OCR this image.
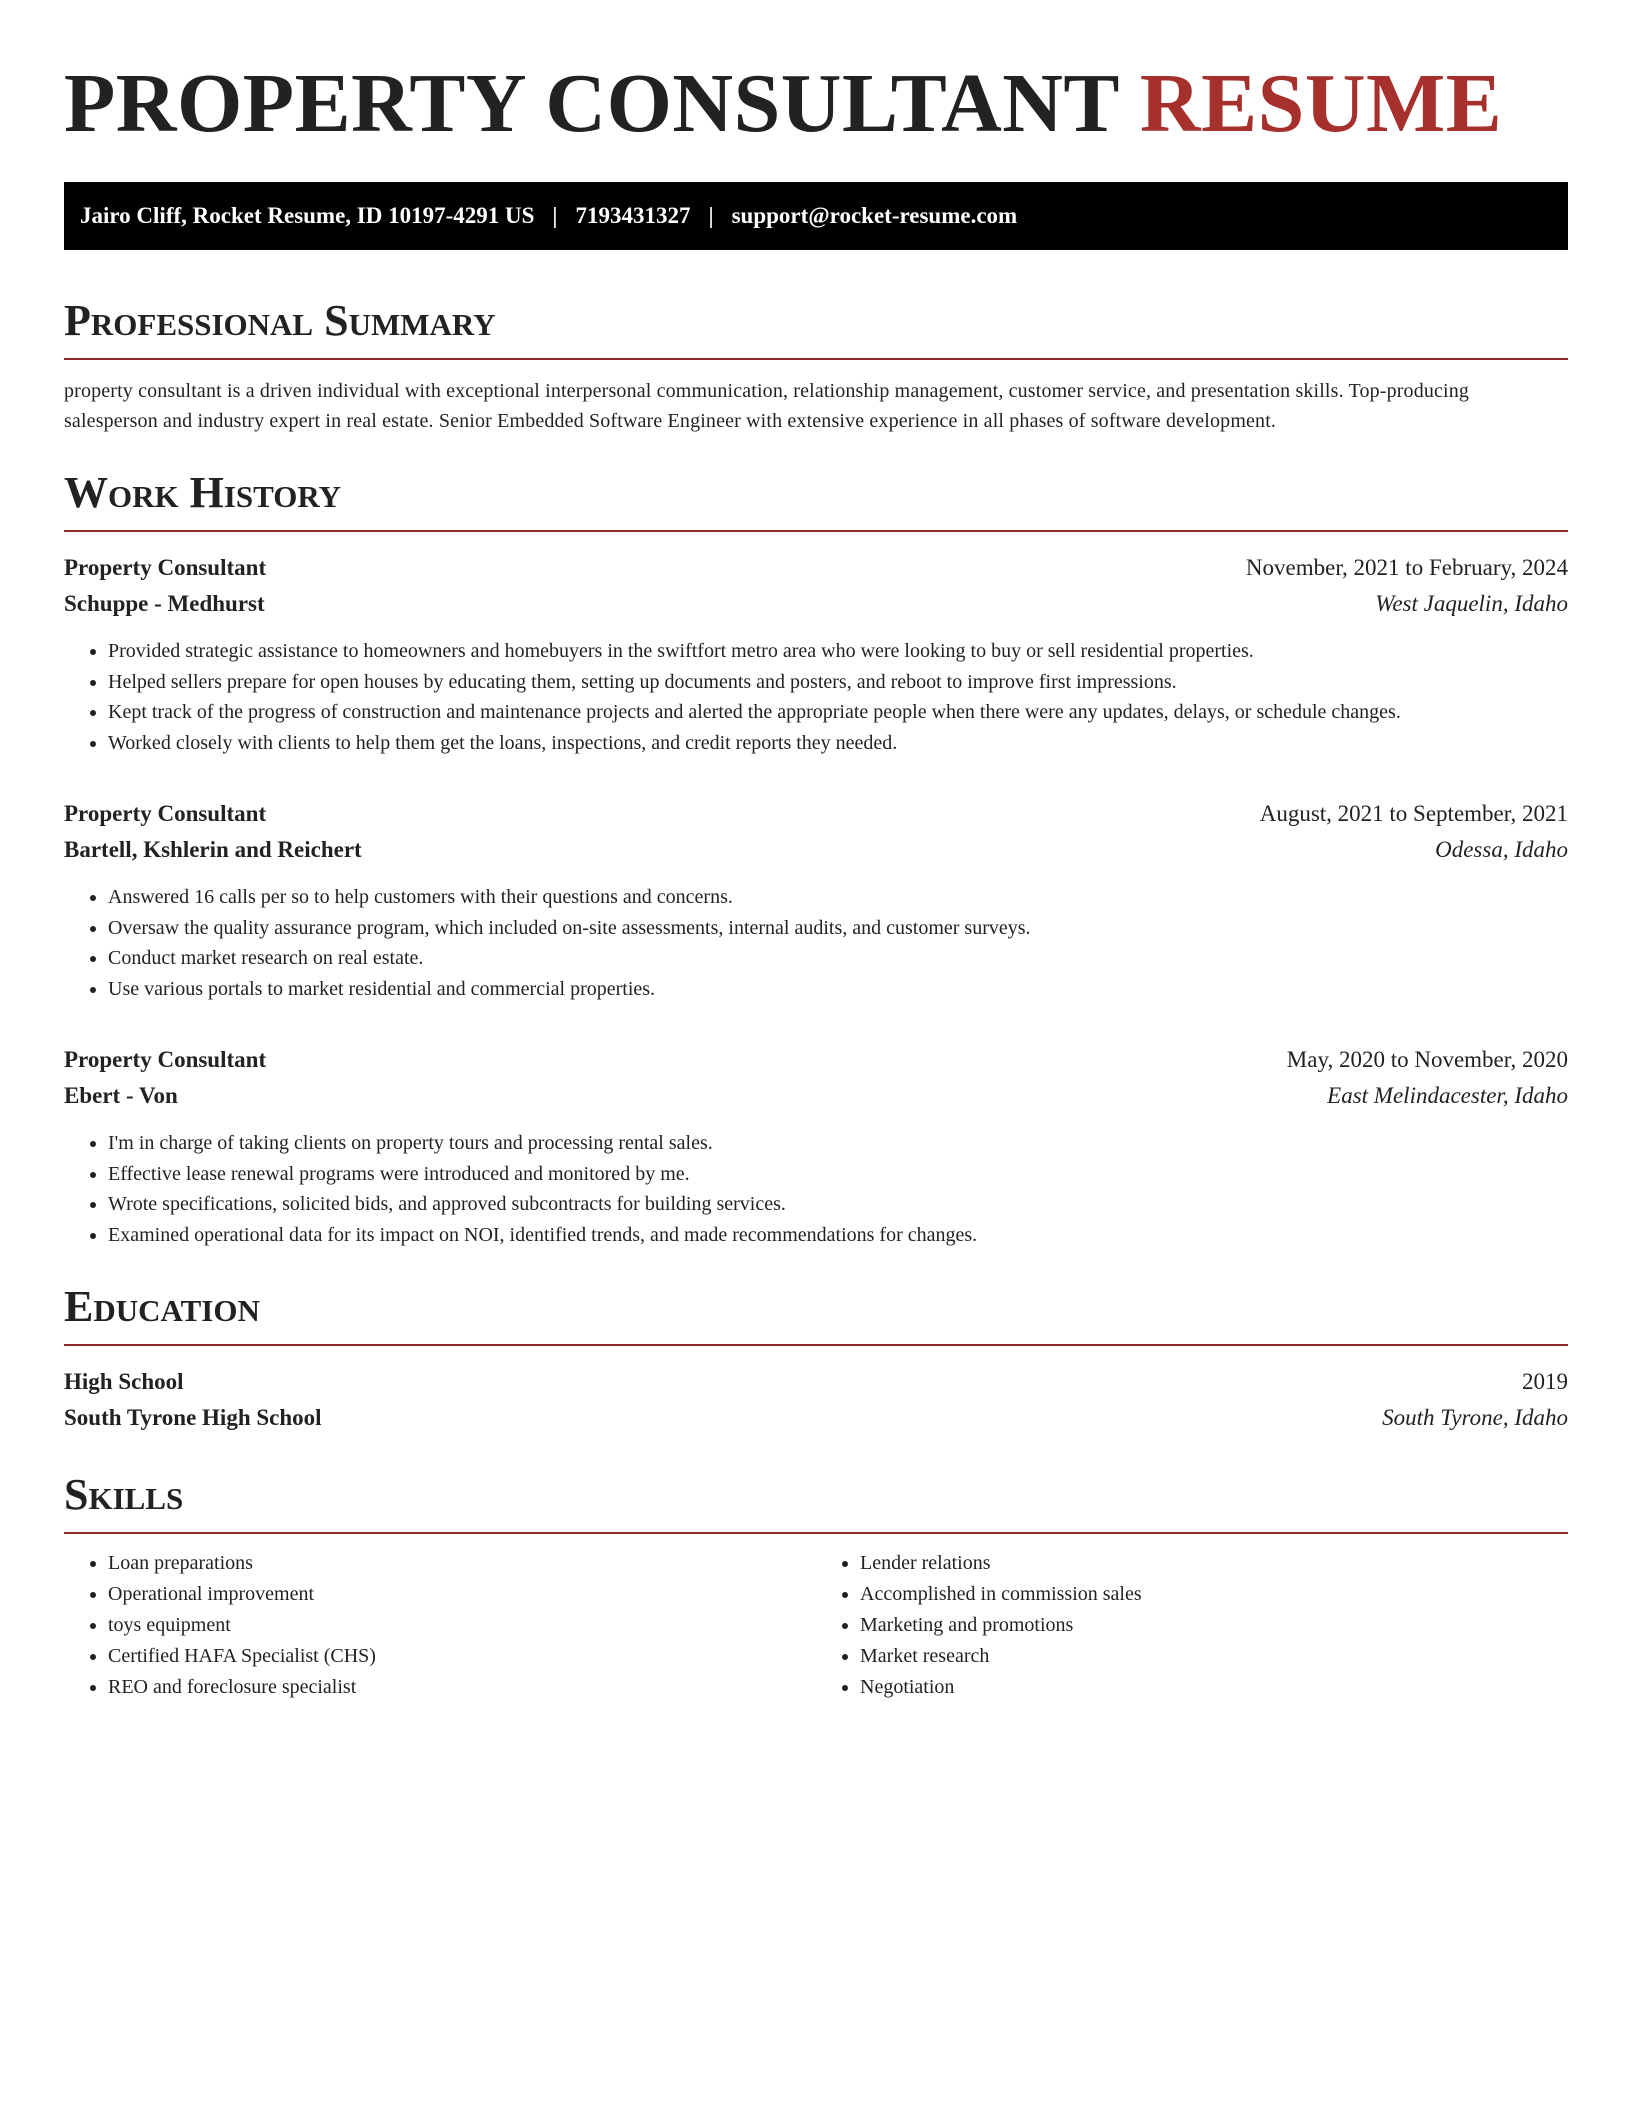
PROPERTY CONSULTANT RESUME
Jairo Cliff, Rocket Resume, ID 10197-4291 US | 7193431327 | support@rocket-resume.com
Professional Summary

property consultant is a driven individual with exceptional interpersonal communication, relationship management, customer service, and presentation skills. Top-producing salesperson and industry expert in real estate. Senior Embedded Software Engineer with extensive experience in all phases of software development.

Work History
Property Consultant	November, 2021 to February, 2024
Schuppe - Medhurst	West Jaquelin, Idaho
• Provided strategic assistance to homeowners and homebuyers in the swiftfort metro area who were looking to buy or sell residential properties.
• Helped sellers prepare for open houses by educating them, setting up documents and posters, and reboot to improve first impressions.
• Kept track of the progress of construction and maintenance projects and alerted the appropriate people when there were any updates, delays, or schedule changes.
• Worked closely with clients to help them get the loans, inspections, and credit reports they needed.
Property Consultant	August, 2021 to September, 2021
Bartell, Kshlerin and Reichert	Odessa, Idaho
• Answered 16 calls per so to help customers with their questions and concerns.
• Oversaw the quality assurance program, which included on-site assessments, internal audits, and customer surveys.
• Conduct market research on real estate.
• Use various portals to market residential and commercial properties.
Property Consultant	May, 2020 to November, 2020
Ebert - Von	East Melindacester, Idaho
• I'm in charge of taking clients on property tours and processing rental sales.
• Effective lease renewal programs were introduced and monitored by me.
• Wrote specifications, solicited bids, and approved subcontracts for building services.
• Examined operational data for its impact on NOI, identified trends, and made recommendations for changes.
Education
High School	2019
South Tyrone High School	South Tyrone, Idaho
Skills
• Loan preparations
• Operational improvement
• toys equipment
• Certified HAFA Specialist (CHS)
• REO and foreclosure specialist
• Lender relations
• Accomplished in commission sales
• Marketing and promotions
• Market research
• Negotiation
